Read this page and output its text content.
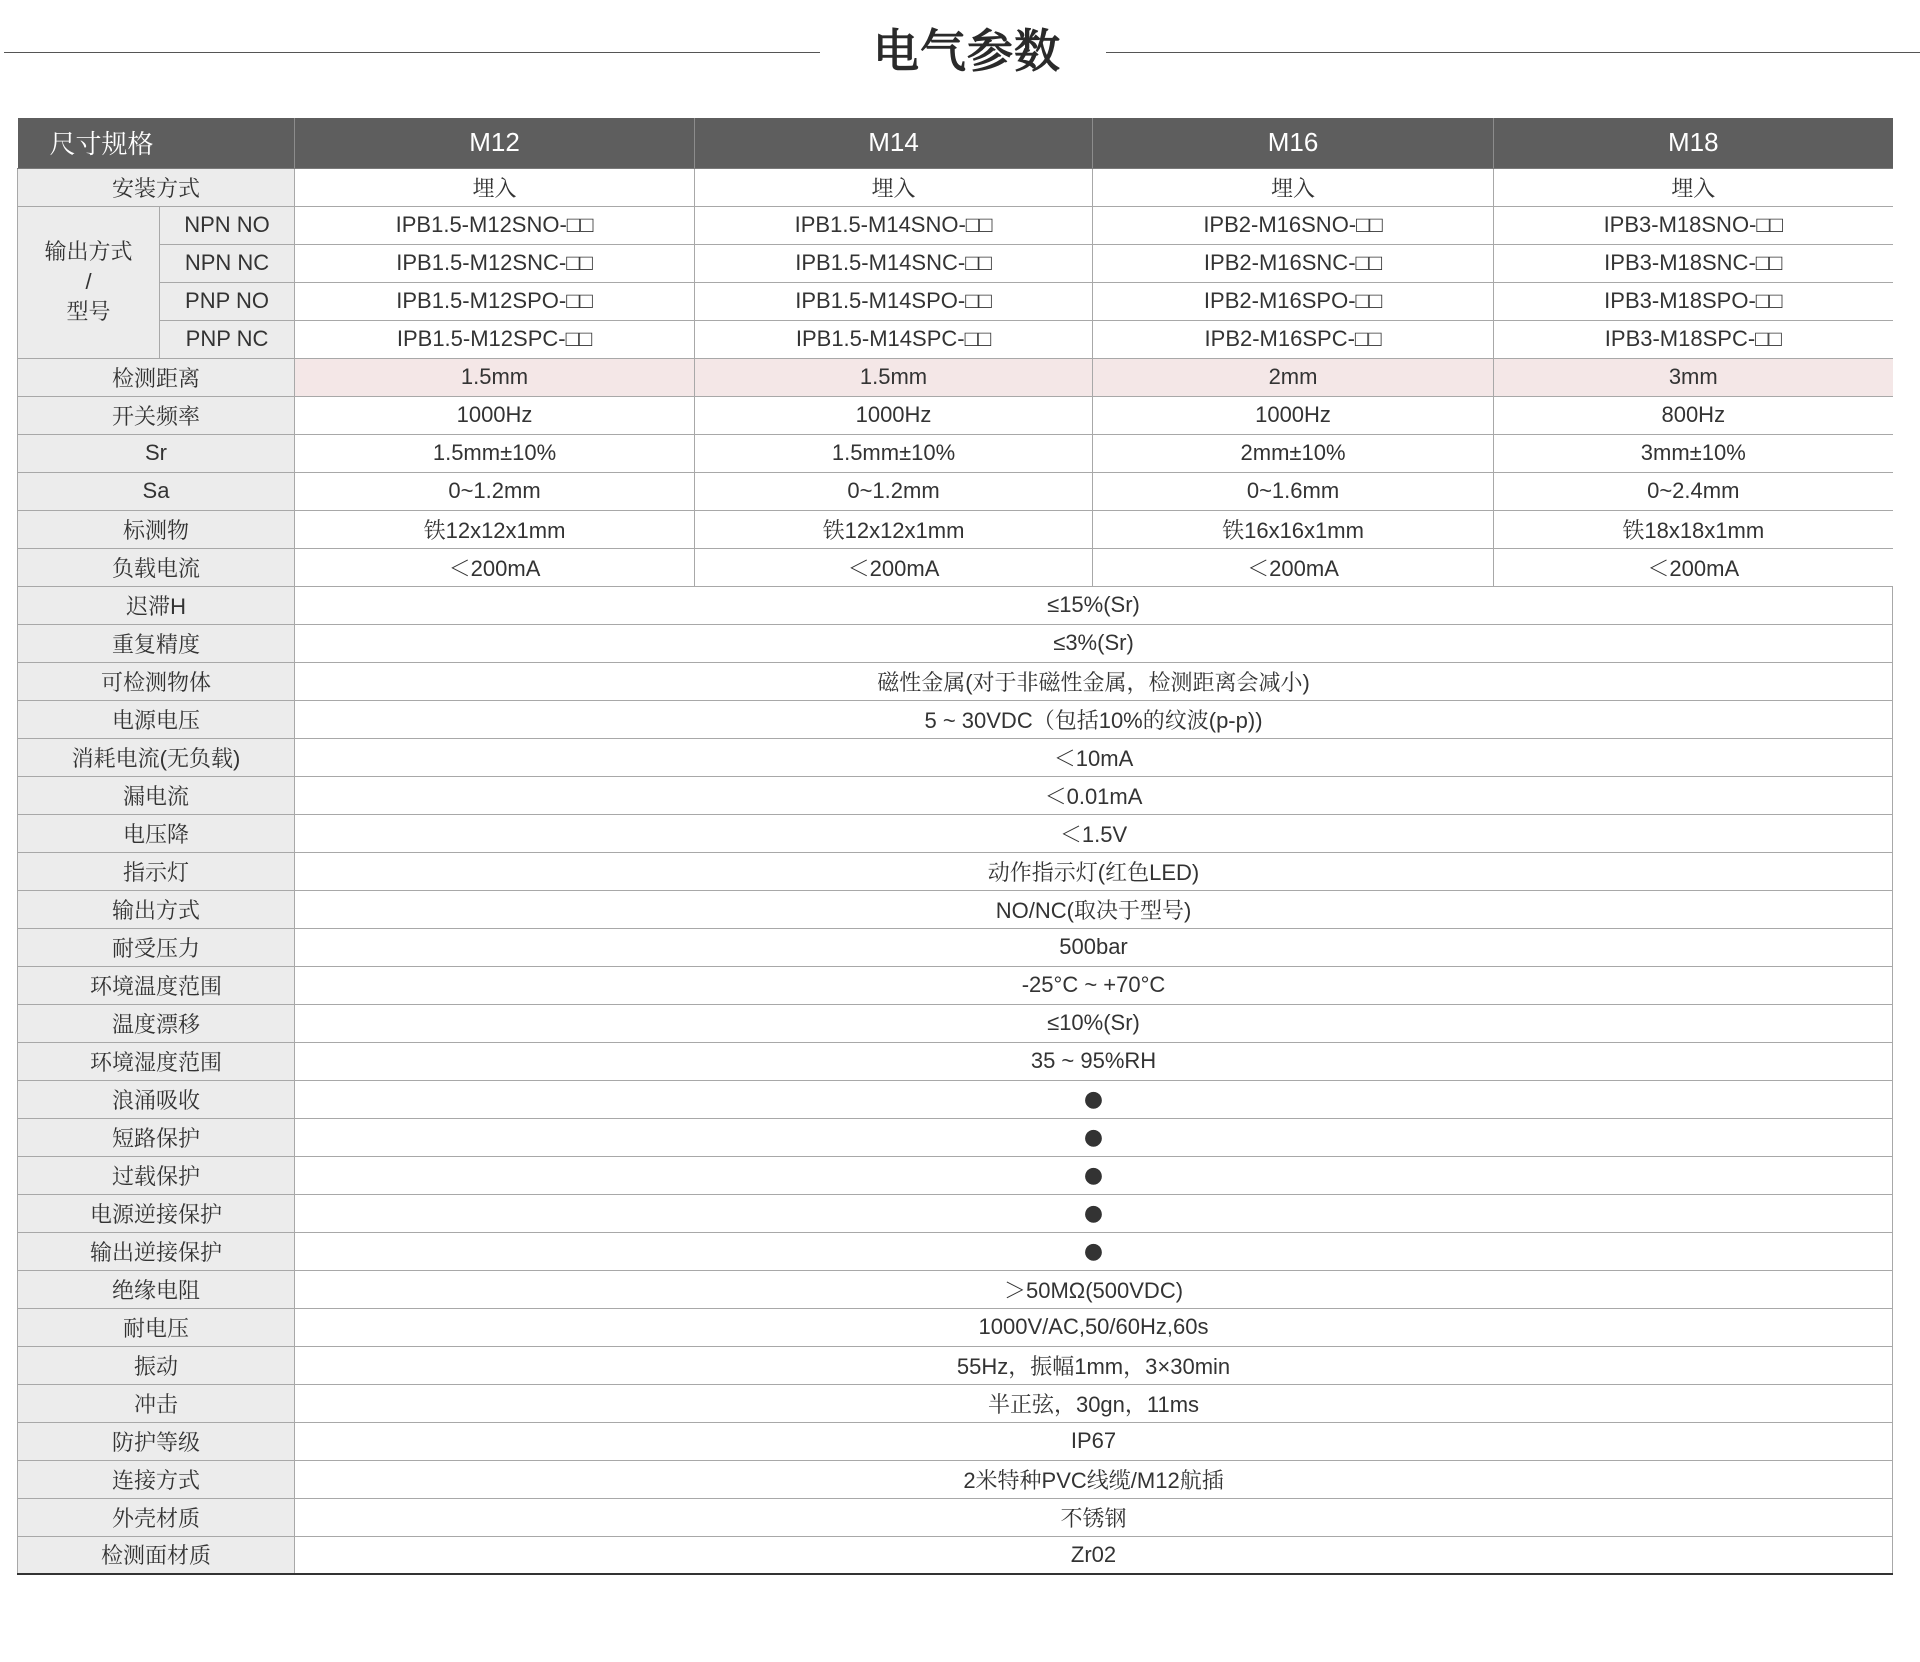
电气参数
尺寸规格		M12	M14	M16	M18
安装方式		埋入	埋入	埋入	埋入

输出方式
/
型号	NPN NO	IPB1.5-M12SNO-□□	IPB1.5-M14SNO-□□	IPB2-M16SNO-□□	IPB3-M18SNO-□□
	NPN NC	IPB1.5-M12SNC-□□	IPB1.5-M14SNC-□□	IPB2-M16SNC-□□	IPB3-M18SNC-□□
	PNP NO	IPB1.5-M12SPO-□□	IPB1.5-M14SPO-□□	IPB2-M16SPO-□□	IPB3-M18SPO-□□
	PNP NC	IPB1.5-M12SPC-□□	IPB1.5-M14SPC-□□	IPB2-M16SPC-□□	IPB3-M18SPC-□□
检测距离		1.5mm	1.5mm	2mm	3mm
开关频率		1000Hz	1000Hz	1000Hz	800Hz
Sr		1.5mm±10%	1.5mm±10%	2mm±10%	3mm±10%
Sa		0~1.2mm	0~1.2mm	0~1.6mm	0~2.4mm
标测物		铁12x12x1mm	铁12x12x1mm	铁16x16x1mm	铁18x18x1mm
负载电流		＜200mA	＜200mA	＜200mA	＜200mA
迟滞H		≤15%(Sr)			
重复精度		≤3%(Sr)			
可检测物体		磁性金属(对于非磁性金属，检测距离会减小)			
电源电压		5 ~ 30VDC（包括10%的纹波(p-p))			
消耗电流(无负载)		＜10mA			
漏电流		＜0.01mA			
电压降		＜1.5V			
指示灯		动作指示灯(红色LED)			
输出方式		NO/NC(取决于型号)			
耐受压力		500bar			
环境温度范围		-25°C ~ +70°C			
温度漂移		≤10%(Sr)			
环境湿度范围		35 ~ 95%RH			
浪涌吸收		●			
短路保护		●			
过载保护		●			
电源逆接保护		●			
输出逆接保护		●			
绝缘电阻		＞50MΩ(500VDC)			
耐电压		1000V/AC,50/60Hz,60s			
振动		55Hz，振幅1mm，3×30min			
冲击		半正弦，30gn，11ms			
防护等级		IP67			
连接方式		2米特种PVC线缆/M12航插			
外壳材质		不锈钢			
检测面材质		Zr02			
